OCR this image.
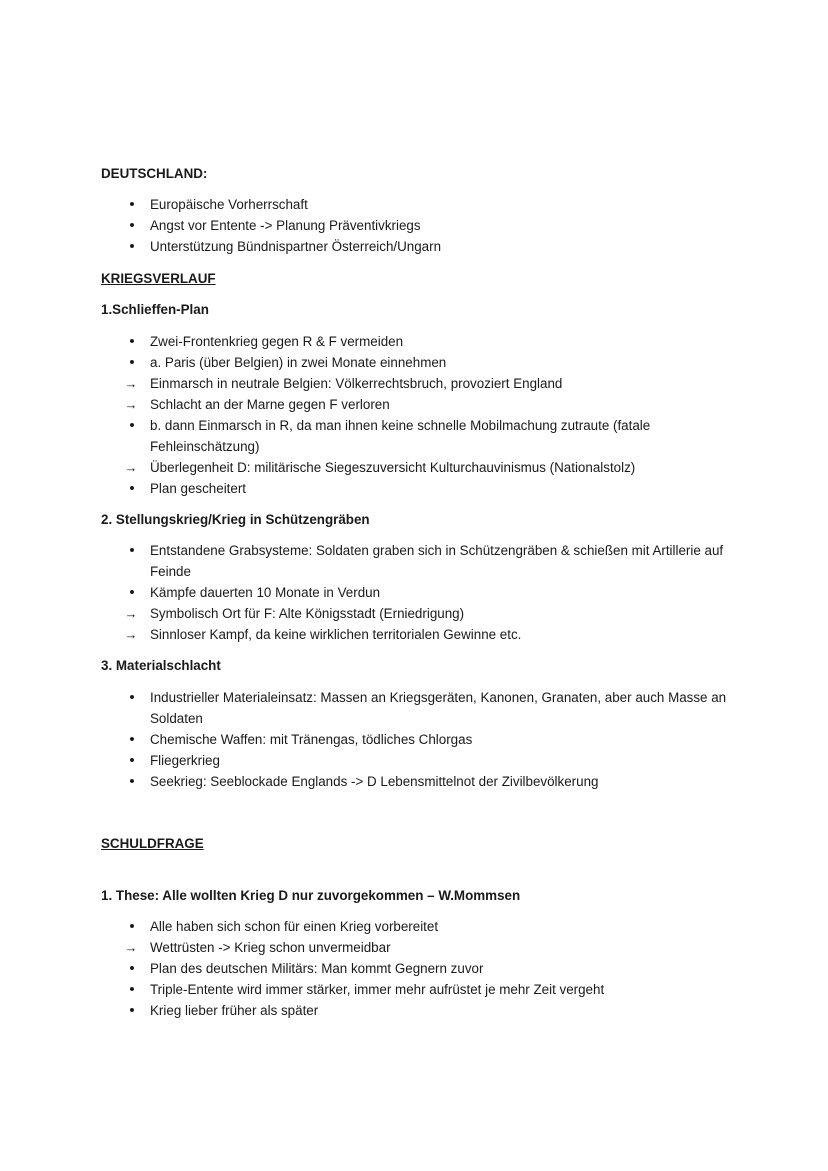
DEUTSCHLAND:
•	Europäische Vorherrschaft
•	Angst vor Entente -> Planung Präventivkriegs
•	Unterstützung Bündnispartner Österreich/Ungarn
KRIEGSVERLAUF
1.Schlieffen-Plan
•	Zwei-Frontenkrieg gegen R & F vermeiden
•	a. Paris (über Belgien) in zwei Monate einnehmen
→ Einmarsch in neutrale Belgien: Völkerrechtsbruch, provoziert England
→ Schlacht an der Marne gegen F verloren
•	b. dann Einmarsch in R, da man ihnen keine schnelle Mobilmachung zutraute (fatale Fehleinschätzung)
→ Überlegenheit D: militärische Siegeszuversicht Kulturchauvinismus (Nationalstolz)
•	Plan gescheitert
2. Stellungskrieg/Krieg in Schützengräben
•	Entstandene Grabsysteme: Soldaten graben sich in Schützengräben & schießen mit Artillerie auf Feinde
•	Kämpfe dauerten 10 Monate in Verdun
→ Symbolisch Ort für F: Alte Königsstadt (Erniedrigung)
→ Sinnloser Kampf, da keine wirklichen territorialen Gewinne etc.
3. Materialschlacht
•	Industrieller Materialeinsatz: Massen an Kriegsgeräten, Kanonen, Granaten, aber auch Masse an Soldaten
•	Chemische Waffen: mit Tränengas, tödliches Chlorgas
•	Fliegerkrieg
•	Seekrieg: Seeblockade Englands -> D Lebensmittelnot der Zivilbevölkerung
SCHULDFRAGE
1. These: Alle wollten Krieg D nur zuvorgekommen – W.Mommsen
•	Alle haben sich schon für einen Krieg vorbereitet
→ Wettrüsten -> Krieg schon unvermeidbar
•	Plan des deutschen Militärs: Man kommt Gegnern zuvor
•	Triple-Entente wird immer stärker, immer mehr aufrüstet je mehr Zeit vergeht
•	Krieg lieber früher als später
